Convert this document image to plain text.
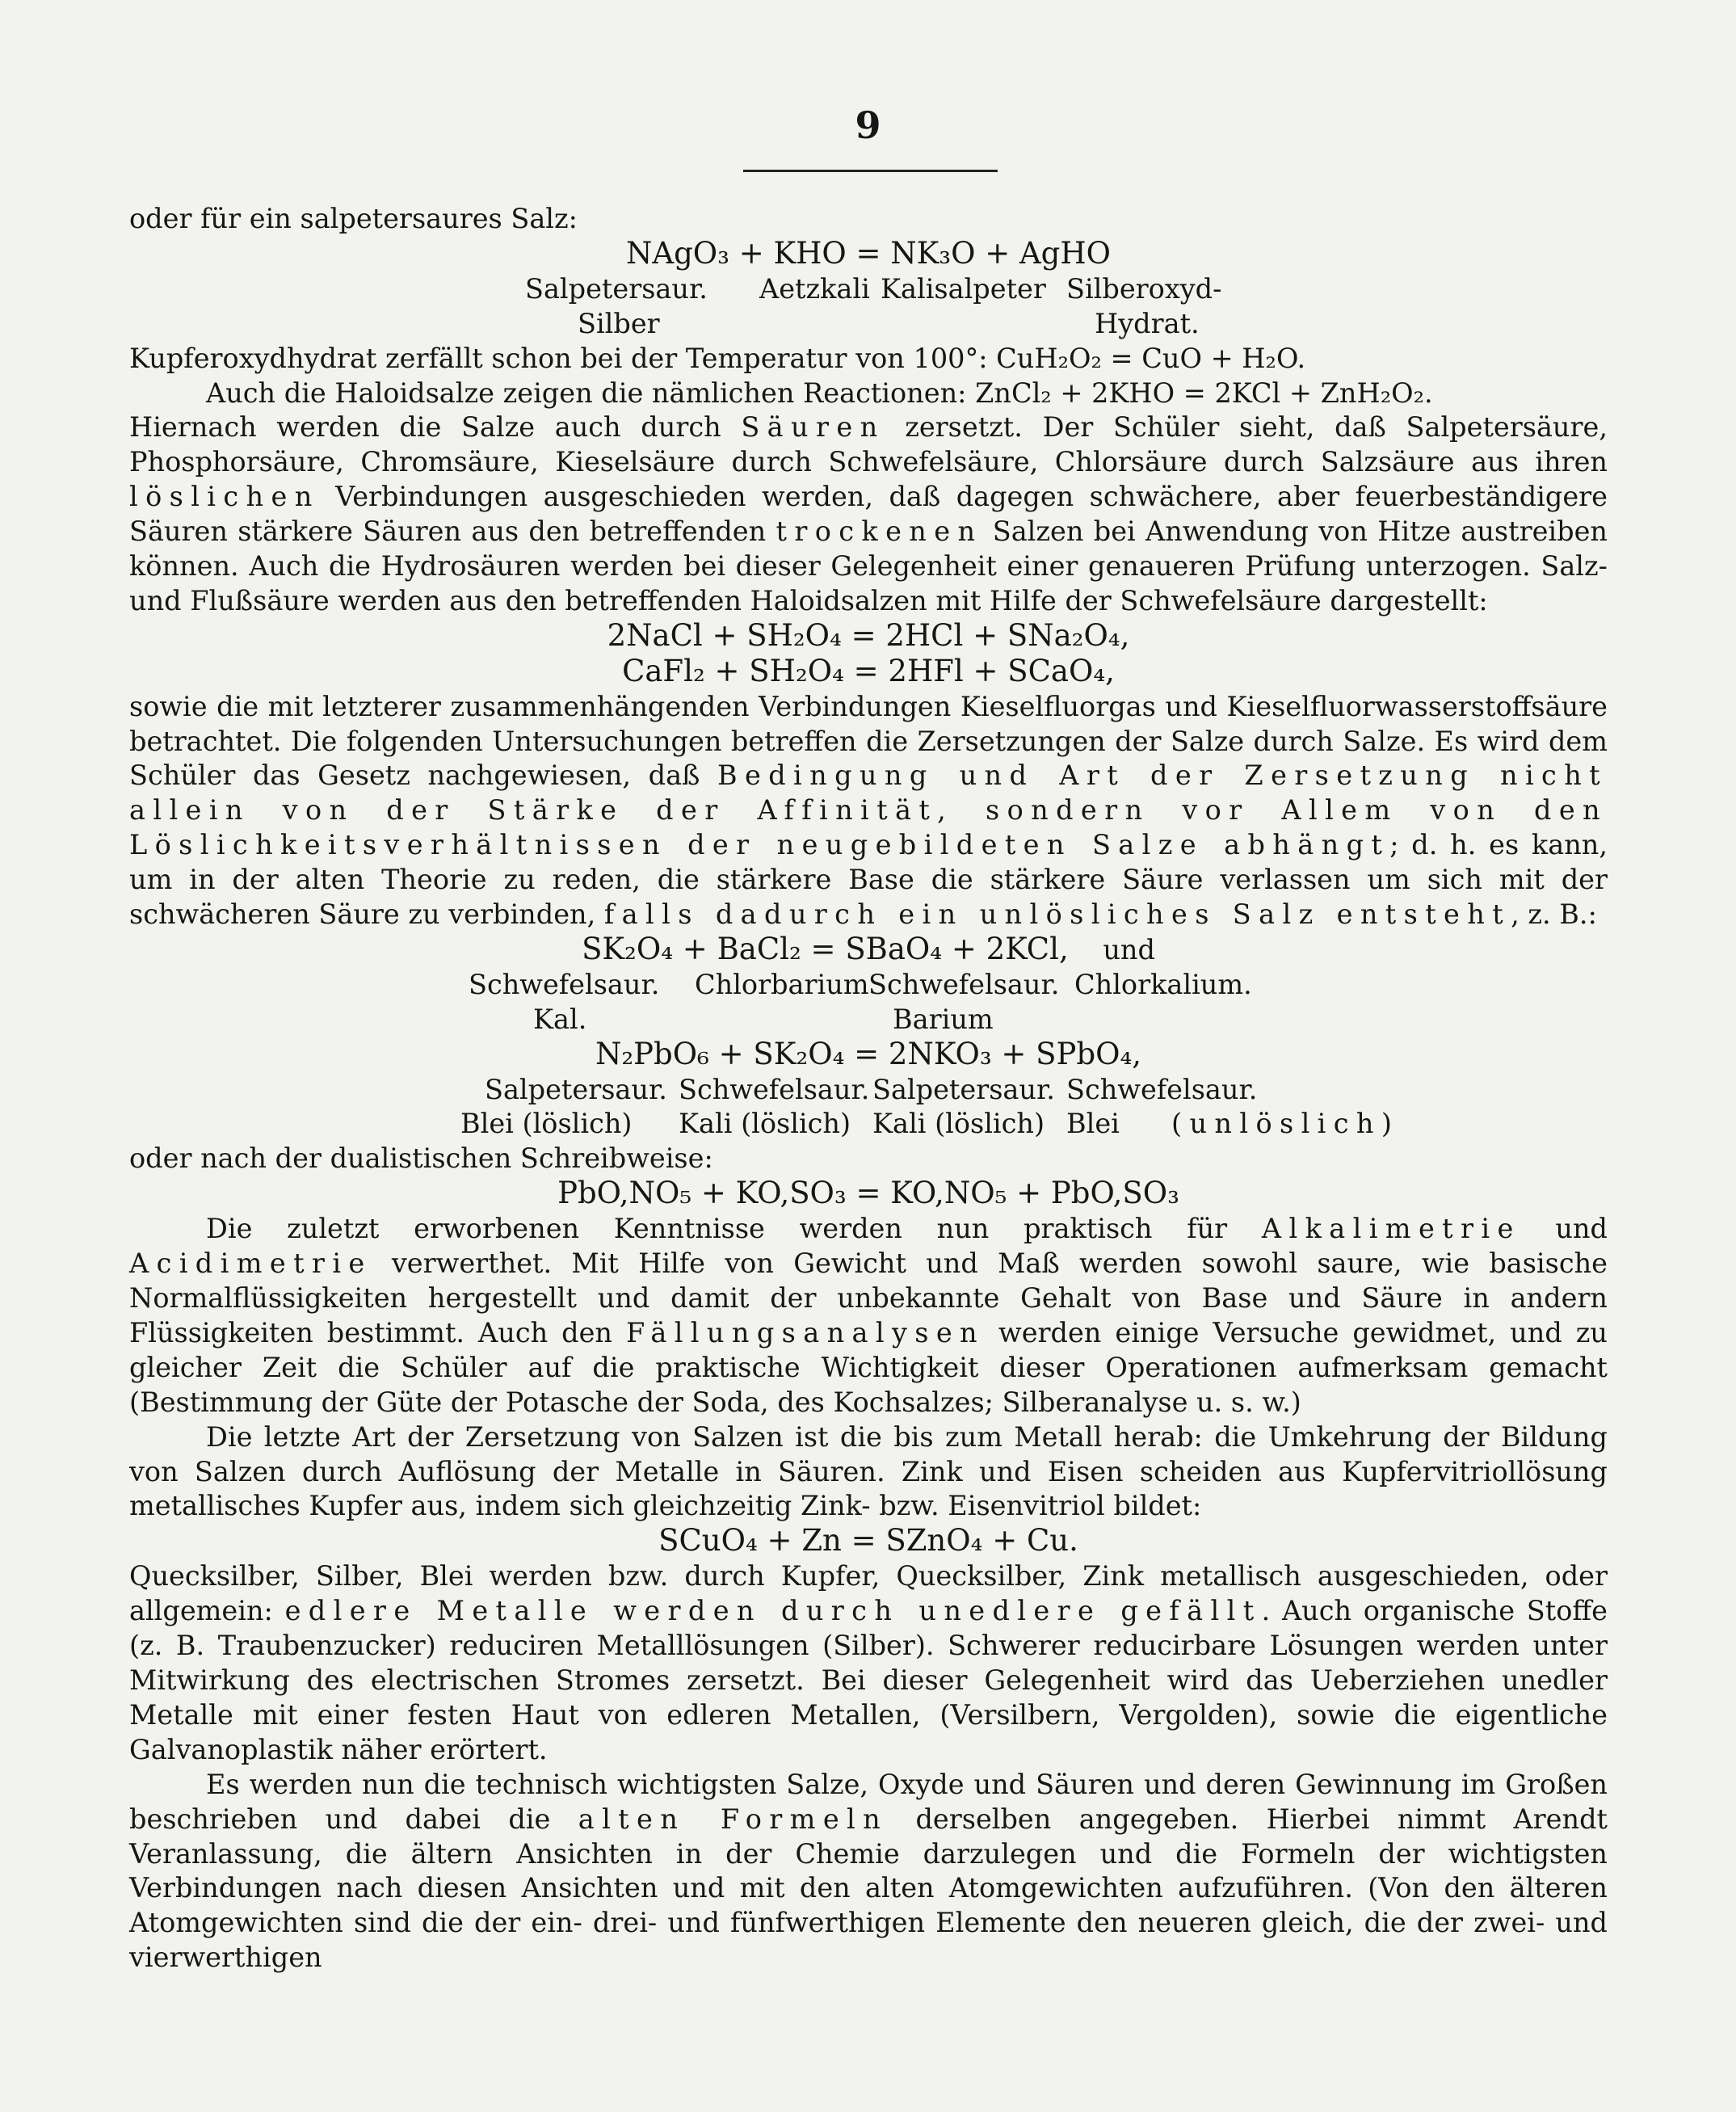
9

oder für ein salpetersaures Salz:

NAgO₃ + KHO = NK₃O + AgHO
Salpetersaur. Aetzkali Kalisalpeter Silberoxyd-
Silber	Hydrat.

Kupferoxydhydrat zerfällt schon bei der Temperatur von 100°: CuH₂O₂ = CuO + H₂O.

Auch die Haloidsalze zeigen die nämlichen Reactionen: ZnCl₂ + 2KHO = 2KCl + ZnH₂O₂.

Hiernach werden die Salze auch durch Säuren zersetzt. Der Schüler sieht, daß Salpetersäure, Phosphorsäure, Chromsäure, Kieselsäure durch Schwefelsäure, Chlorsäure durch Salzsäure aus ihren löslichen Verbindungen ausgeschieden werden, daß dagegen schwächere, aber feuerbeständigere Säuren stärkere Säuren aus den betreffenden trockenen Salzen bei Anwendung von Hitze austreiben können. Auch die Hydrosäuren werden bei dieser Gelegenheit einer genaueren Prüfung unterzogen. Salz- und Flußsäure werden aus den betreffenden Haloidsalzen mit Hilfe der Schwefelsäure dargestellt:

2NaCl + SH₂O₄ = 2HCl + SNa₂O₄,
CaFl₂ + SH₂O₄ = 2HFl + SCaO₄,

sowie die mit letzterer zusammenhängenden Verbindungen Kieselfluorgas und Kieselfluorwasserstoffsäure betrachtet. Die folgenden Untersuchungen betreffen die Zersetzungen der Salze durch Salze. Es wird dem Schüler das Gesetz nachgewiesen, daß Bedingung und Art der Zersetzung nicht allein von der Stärke der Affinität, sondern vor Allem von den Löslichkeitsverhältnissen der neugebildeten Salze abhängt; d. h. es kann, um in der alten Theorie zu reden, die stärkere Base die stärkere Säure verlassen um sich mit der schwächeren Säure zu verbinden, falls dadurch ein unlösliches Salz entsteht, z. B.:

SK₂O₄ + BaCl₂ = SBaO₄ + 2KCl, und
Schwefelsaur. Chlorbarium Schwefelsaur. Chlorkalium.
Kal.	Barium
N₂PbO₆ + SK₂O₄ = 2NKO₃ + SPbO₄,
Salpetersaur. Schwefelsaur. Salpetersaur. Schwefelsaur.
Blei (löslich) Kali (löslich) Kali (löslich) Blei (unlöslich)

oder nach der dualistischen Schreibweise:

PbO,NO₅ + KO,SO₃ = KO,NO₅ + PbO,SO₃

Die zuletzt erworbenen Kenntnisse werden nun praktisch für Alkalimetrie und Acidimetrie verwerthet. Mit Hilfe von Gewicht und Maß werden sowohl saure, wie basische Normalflüssigkeiten hergestellt und damit der unbekannte Gehalt von Base und Säure in andern Flüssigkeiten bestimmt. Auch den Fällungsanalysen werden einige Versuche gewidmet, und zu gleicher Zeit die Schüler auf die praktische Wichtigkeit dieser Operationen aufmerksam gemacht (Bestimmung der Güte der Potasche der Soda, des Kochsalzes; Silberanalyse u. s. w.)

Die letzte Art der Zersetzung von Salzen ist die bis zum Metall herab: die Umkehrung der Bildung von Salzen durch Auflösung der Metalle in Säuren. Zink und Eisen scheiden aus Kupfervitriollösung metallisches Kupfer aus, indem sich gleichzeitig Zink- bzw. Eisenvitriol bildet:

SCuO₄ + Zn = SZnO₄ + Cu.

Quecksilber, Silber, Blei werden bzw. durch Kupfer, Quecksilber, Zink metallisch ausgeschieden, oder allgemein: edlere Metalle werden durch unedlere gefällt. Auch organische Stoffe (z. B. Traubenzucker) reduciren Metalllösungen (Silber). Schwerer reducirbare Lösungen werden unter Mitwirkung des electrischen Stromes zersetzt. Bei dieser Gelegenheit wird das Ueberziehen unedler Metalle mit einer festen Haut von edleren Metallen, (Versilbern, Vergolden), sowie die eigentliche Galvanoplastik näher erörtert.

Es werden nun die technisch wichtigsten Salze, Oxyde und Säuren und deren Gewinnung im Großen beschrieben und dabei die alten Formeln derselben angegeben. Hierbei nimmt Arendt Veranlassung, die ältern Ansichten in der Chemie darzulegen und die Formeln der wichtigsten Verbindungen nach diesen Ansichten und mit den alten Atomgewichten aufzuführen. (Von den älteren Atomgewichten sind die der ein- drei- und fünfwerthigen Elemente den neueren gleich, die der zwei- und vierwerthigen
